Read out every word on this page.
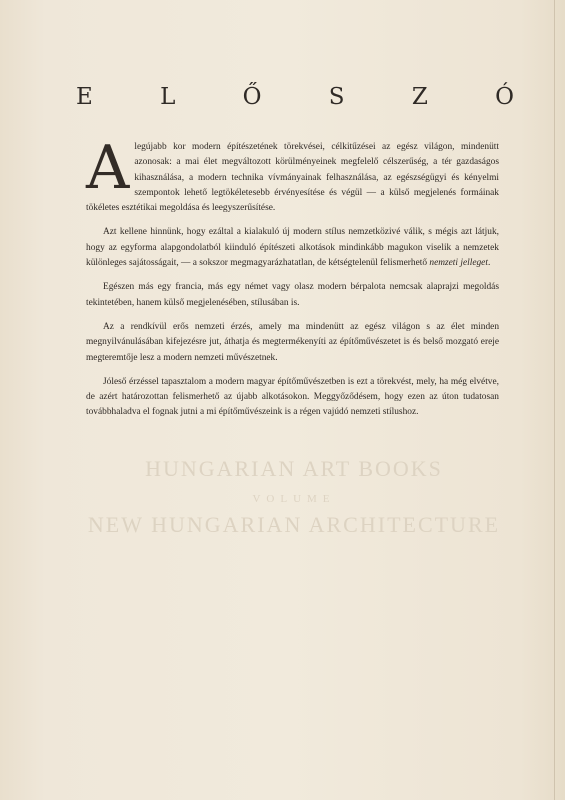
HUNGARIAN ART BOOKS
VOLUME
NEW HUNGARIAN ARCHITECTURE
E	L	Ő	S	Z	Ó

Alegújabb kor modern építészetének törekvései, célkitűzései az egész világon, mindenütt azonosak: a mai élet megváltozott körülményeinek megfelelő célszerűség, a tér gazdaságos kihasználása, a modern technika vívmányainak felhasználása, az egészségügyi és kényelmi szempontok lehető legtökéletesebb érvényesítése és végül — a külső megjelenés formáinak tökéletes esztétikai megoldása és leegyszerűsítése.

Azt kellene hinnünk, hogy ezáltal a kialakuló új modern stílus nemzetközivé válik, s mégis azt látjuk, hogy az egyforma alapgondolatból kiinduló építészeti alkotások mindinkább magukon viselik a nemzetek különleges sajátosságait, — a sokszor megmagyarázhatatlan, de kétségtelenül felismerhető nemzeti jelleget.

Egészen más egy francia, más egy német vagy olasz modern bérpalota nemcsak alaprajzi megoldás tekintetében, hanem külső megjelenésében, stílusában is.

Az a rendkívül erős nemzeti érzés, amely ma mindenütt az egész világon s az élet minden megnyilvánulásában kifejezésre jut, áthatja és megtermékenyíti az építőművészetet is és belső mozgató ereje megteremtője lesz a modern nemzeti művészetnek.

Jóleső érzéssel tapasztalom a modern magyar építőművészetben is ezt a törekvést, mely, ha még elvétve, de azért határozottan felismerhető az újabb alkotásokon. Meggyőződésem, hogy ezen az úton tudatosan továbbhaladva el fognak jutni a mi építőművészeink is a régen vajúdó nemzeti stílushoz.
